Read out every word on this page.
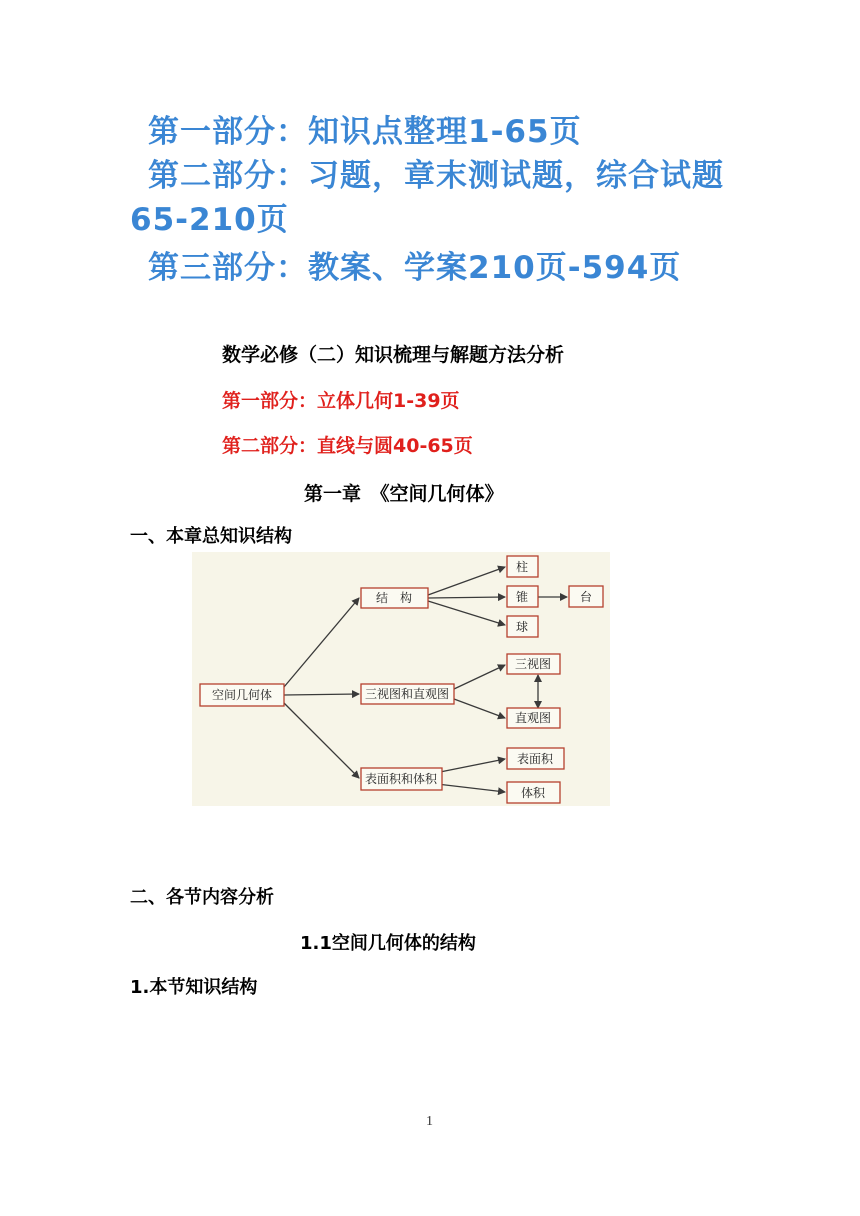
第一部分：知识点整理1-65页
第二部分：习题，章末测试题，综合试题
65-210页
第三部分：教案、学案210页-594页
数学必修（二）知识梳理与解题方法分析
第一部分：立体几何1-39页
第二部分：直线与圆40-65页
第一章　《空间几何体》
一、本章总知识结构
空间几何体
结　构
三视图和直观图
表面积和体积
柱
锥	台
球
三视图
直观图
表面积
体积
二、各节内容分析
1.1空间几何体的结构
1.本节知识结构
1
